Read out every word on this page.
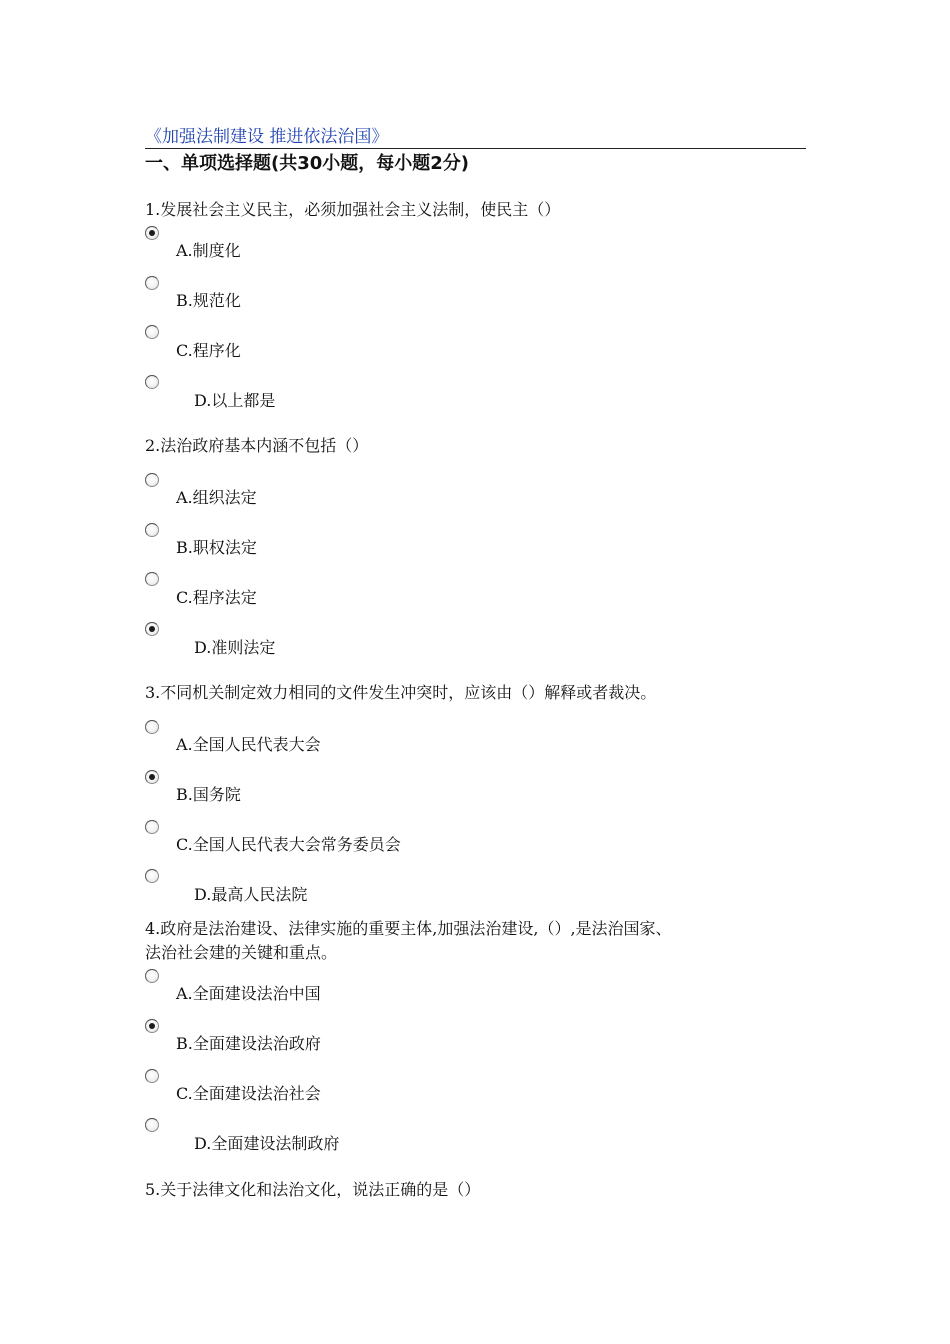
《加强法制建设 推进依法治国》
一、单项选择题(共30小题，每小题2分)
1.发展社会主义民主，必须加强社会主义法制，使民主（）
A.制度化
B.规范化
C.程序化
D.以上都是
2.法治政府基本内涵不包括（）
A.组织法定
B.职权法定
C.程序法定
D.准则法定
3.不同机关制定效力相同的文件发生冲突时，应该由（）解释或者裁决。
A.全国人民代表大会
B.国务院
C.全国人民代表大会常务委员会
D.最高人民法院
4.政府是法治建设、法律实施的重要主体,加强法治建设,（）,是法治国家、
法治社会建的关键和重点。
A.全面建设法治中国
B.全面建设法治政府
C.全面建设法治社会
D.全面建设法制政府
5.关于法律文化和法治文化，说法正确的是（）
